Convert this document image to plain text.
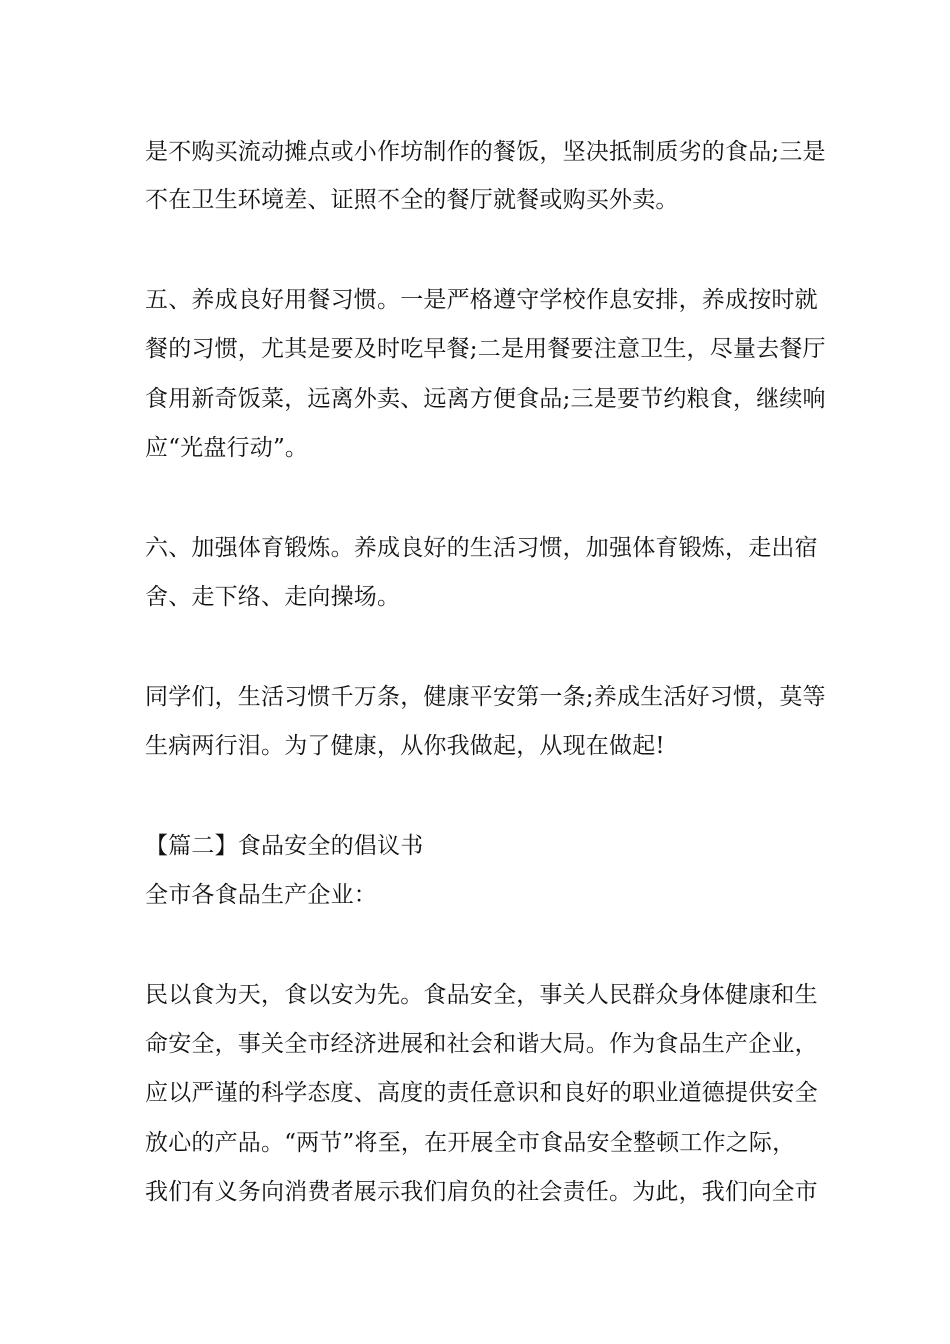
是不购买流动摊点或小作坊制作的餐饭，坚决抵制质劣的食品;三是

不在卫生环境差、证照不全的餐厅就餐或购买外卖。

五、养成良好用餐习惯。一是严格遵守学校作息安排，养成按时就

餐的习惯，尤其是要及时吃早餐;二是用餐要注意卫生，尽量去餐厅

食用新奇饭菜，远离外卖、远离方便食品;三是要节约粮食，继续响

应“光盘行动”。

六、加强体育锻炼。养成良好的生活习惯，加强体育锻炼，走出宿

舍、走下络、走向操场。

同学们，生活习惯千万条，健康平安第一条;养成生活好习惯，莫等

生病两行泪。为了健康，从你我做起，从现在做起!

【篇二】食品安全的倡议书

全市各食品生产企业：

民以食为天，食以安为先。食品安全，事关人民群众身体健康和生

命安全，事关全市经济进展和社会和谐大局。作为食品生产企业，

应以严谨的科学态度、高度的责任意识和良好的职业道德提供安全

放心的产品。“两节”将至，在开展全市食品安全整顿工作之际，

我们有义务向消费者展示我们肩负的社会责任。为此，我们向全市
